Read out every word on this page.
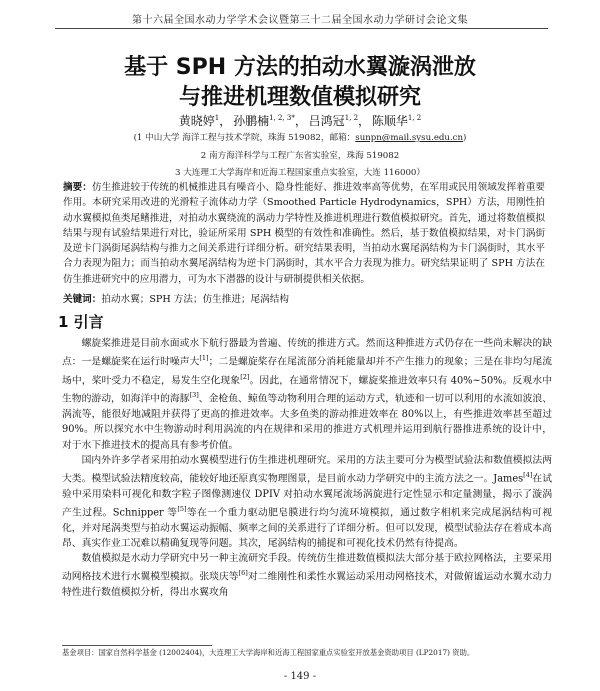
第十六届全国水动力学学术会议暨第三十二届全国水动力学研讨会论文集
基于 SPH 方法的拍动水翼漩涡泄放
与推进机理数值模拟研究
黄晓婷$^1$， 孙鹏楠$^{1, 2, 3*}$， 吕鸿冠$^{1, 2}$， 陈顺华$^{1, 2}$
(1 中山大学 海洋工程与技术学院，珠海 519082，邮箱：sunpn@mail.sysu.edu.cn)
2 南方海洋科学与工程广东省实验室，珠海 519082
3 大连理工大学海岸和近海工程国家重点实验室，大连 116000）
摘要：仿生推进较于传统的机械推进具有噪音小、隐身性能好、推进效率高等优势，在军用或民用领域发挥着重要作用。本研究采用改进的光滑粒子流体动力学（Smoothed Particle Hydrodynamics，SPH）方法，用刚性拍动水翼模拟鱼类尾鳍推进，对拍动水翼绕流的涡动力学特性及推进机理进行数值模拟研究。首先，通过将数值模拟结果与现有试验结果进行对比，验证所采用 SPH 模型的有效性和准确性。然后，基于数值模拟结果，对卡门涡街及逆卡门涡街尾涡结构与推力之间关系进行详细分析。研究结果表明，当拍动水翼尾涡结构为卡门涡街时，其水平合力表现为阻力；而当拍动水翼尾涡结构为逆卡门涡街时，其水平合力表现为推力。研究结果证明了 SPH 方法在仿生推进研究中的应用潜力，可为水下潜器的设计与研制提供相关依据。
关键词：拍动水翼；SPH 方法；仿生推进；尾涡结构
1 引言

螺旋桨推进是目前水面或水下航行器最为普遍、传统的推进方式。然而这种推进方式仍存在一些尚未解决的缺点：一是螺旋桨在运行时噪声大[1]；二是螺旋桨存在尾流部分消耗能量却并不产生推力的现象；三是在非均匀尾流场中，桨叶受力不稳定，易发生空化现象[2]。因此，在通常情况下，螺旋桨推进效率只有 40%~50%。反观水中生物的游动，如海洋中的海豚[3]、金枪鱼、鲸鱼等动物利用合理的运动方式，轨迹和一切可以利用的水流如波浪、涡流等，能很好地减阻并获得了更高的推进效率。大多鱼类的游动推进效率在 80%以上，有些推进效率甚至超过 90%。所以探究水中生物游动时利用涡流的内在规律和采用的推进方式机理并运用到航行器推进系统的设计中，对于水下推进技术的提高具有参考价值。

国内外许多学者采用拍动水翼模型进行仿生推进机理研究。采用的方法主要可分为模型试验法和数值模拟法两大类。模型试验法精度较高，能较好地还原真实物理图景，是目前水动力学研究中的主流方法之一。James[4]在试验中采用染料可视化和数字粒子图像测速仪 DPIV 对拍动水翼尾流场涡旋进行定性显示和定量测量，揭示了漩涡产生过程。Schnipper 等[5]等在一个重力驱动肥皂膜进行均匀流环境模拟，通过数字相机来完成尾涡结构可视化，并对尾涡类型与拍动水翼运动振幅、频率之间的关系进行了详细分析。但可以发现，模型试验法存在着成本高昂、真实作业工况难以精确复现等问题。其次，尾涡结构的捕捉和可视化技术仍然有待提高。

数值模拟是水动力学研究中另一种主流研究手段。传统仿生推进数值模拟法大部分基于欧拉网格法，主要采用动网格技术进行水翼模型模拟。张琰庆等[6]对二维刚性和柔性水翼运动采用动网格技术，对做俯谧运动水翼水动力特性进行数值模拟分析，得出水翼攻角

基金项目：国家自然科学基金 (12002404)，大连理工大学海岸和近海工程国家重点实验室开放基金资助项目 (LP2017) 资助。
- 149 -
